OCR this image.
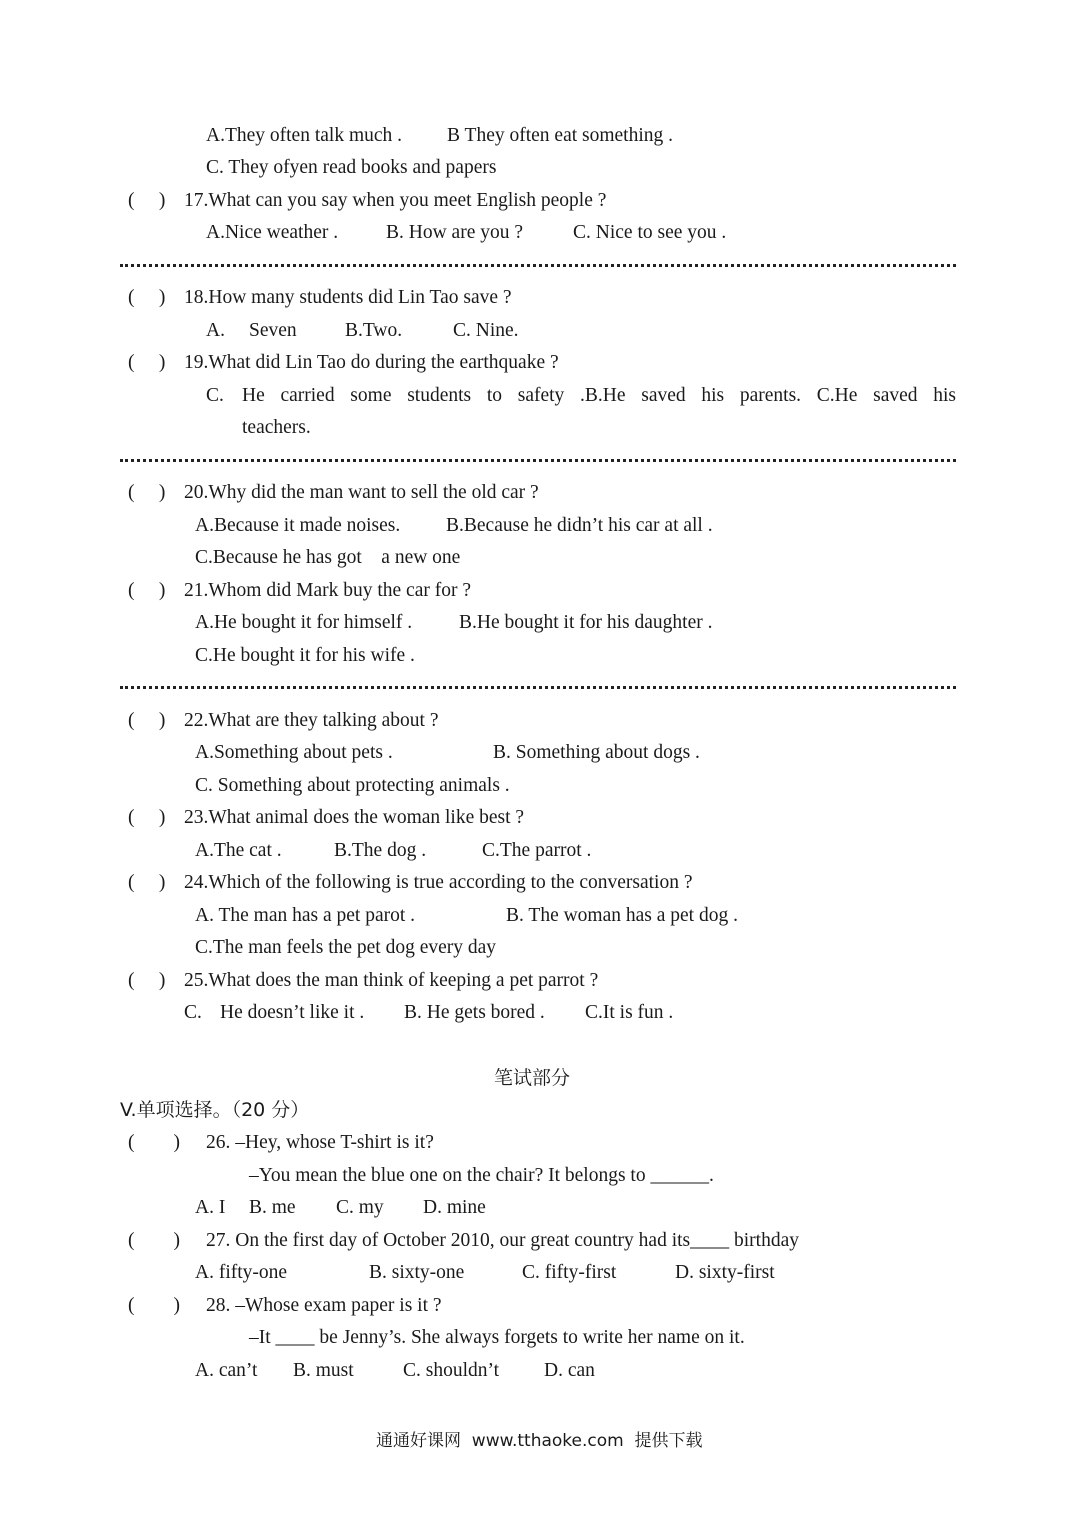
A.They often talk much . B They often eat something .
C. They ofyen read books and papers
(     ) 17.What can you say when you meet English people ?
A.Nice weather . B. How are you ?	C. Nice to see you .
(     ) 18.How many students did Lin Tao save ?
A. Seven B.Two.	C. Nine.
(     ) 19.What did Lin Tao do during the earthquake ?
C. He carried some students to safety .B.He saved his parents. C.He saved his
teachers.
(     ) 20.Why did the man want to sell the old car ?
A.Because it made noises. B.Because he didn’t his car at all .
C.Because he has got    a new one
(     ) 21.Whom did Mark buy the car for ?
A.He bought it for himself . B.He bought it for his daughter .
C.He bought it for his wife .
(     ) 22.What are they talking about ?
A.Something about pets .	B. Something about dogs .
C. Something about protecting animals .
(     ) 23.What animal does the woman like best ?
A.The cat .	B.The dog .	C.The parrot .
(     ) 24.Which of the following is true according to the conversation ?
A. The man has a pet parot .	B. The woman has a pet dog .
C.The man feels the pet dog every day
(     ) 25.What does the man think of keeping a pet parrot ?
C. He doesn’t like it . B. He gets bored . C.It is fun .
笔试部分
V.单项选择。（20 分）
(        ) 26. –Hey, whose T-shirt is it?
–You mean the blue one on the chair? It belongs to ______.
A. I B. me C. my D. mine
(        ) 27. On the first day of October 2010, our great country had its____ birthday
A. fifty-one	B. sixty-one	C. fifty-first	D. sixty-first
(        ) 28. –Whose exam paper is it ?
–It ____ be Jenny’s. She always forgets to write her name on it.
A. can’t B. must	C. shouldn’t D. can
通通好课网  www.tthaoke.com  提供下载
